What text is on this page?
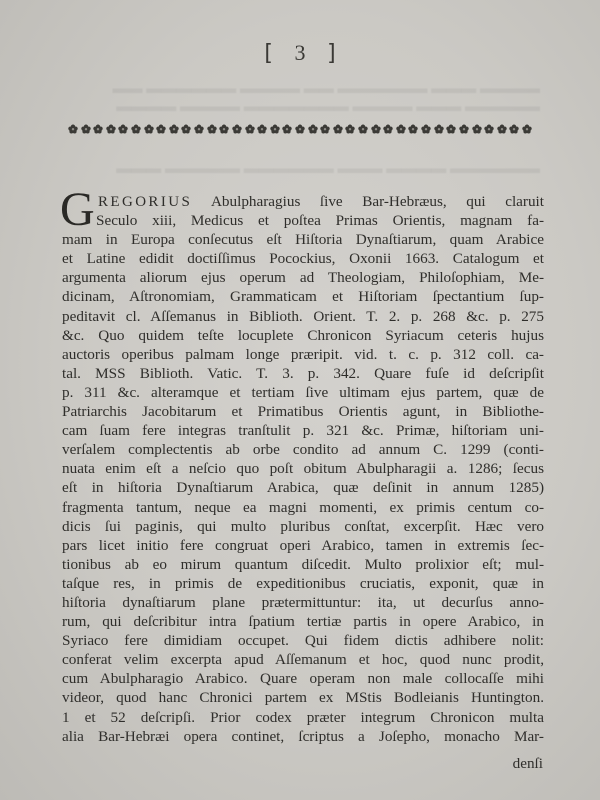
▬▬▬▬ ▬▬▬ ▬▬▬▬▬▬ ▬▬ ▬▬▬▬ ▬▬▬▬▬▬ ▬▬
▬▬▬▬▬ ▬▬▬ ▬▬▬▬ ▬▬▬▬▬▬▬ ▬▬▬▬ ▬▬▬▬
▬▬▬▬▬▬ ▬▬▬▬ ▬▬▬ ▬▬▬▬▬▬ ▬▬▬▬▬ ▬▬▬
[ 3 ]
G REGORIUS Abulpharagius ſive Bar-Hebræus, qui claruit
Seculo xiii, Medicus et poſtea Primas Orientis, magnam fa-
mam in Europa conſecutus eſt Hiſtoria Dynaſtiarum, quam Arabice
et Latine edidit doctiſſimus Pocockius, Oxonii 1663. Catalogum et
argumenta aliorum ejus operum ad Theologiam, Philoſophiam, Me-
dicinam, Aſtronomiam, Grammaticam et Hiſtoriam ſpectantium ſup-
peditavit cl. Aſſemanus in Biblioth. Orient. T. 2. p. 268 &c. p. 275
&c. Quo quidem teſte locuplete Chronicon Syriacum ceteris hujus
auctoris operibus palmam longe præripit. vid. t. c. p. 312 coll. ca-
tal. MSS Biblioth. Vatic. T. 3. p. 342. Quare fuſe id deſcripſit
p. 311 &c. alteramque et tertiam ſive ultimam ejus partem, quæ de
Patriarchis Jacobitarum et Primatibus Orientis agunt, in Bibliothe-
cam ſuam fere integras tranſtulit p. 321 &c. Primæ, hiſtoriam uni-
verſalem complectentis ab orbe condito ad annum C. 1299 (conti-
nuata enim eſt a neſcio quo poſt obitum Abulpharagii a. 1286; ſecus
eſt in hiſtoria Dynaſtiarum Arabica, quæ deſinit in annum 1285)
fragmenta tantum, neque ea magni momenti, ex primis centum co-
dicis ſui paginis, qui multo pluribus conſtat, excerpſit. Hæc vero
pars licet initio fere congruat operi Arabico, tamen in extremis ſec-
tionibus ab eo mirum quantum diſcedit. Multo prolixior eſt; mul-
taſque res, in primis de expeditionibus cruciatis, exponit, quæ in
hiſtoria dynaſtiarum plane prætermittuntur: ita, ut decurſus anno-
rum, qui deſcribitur intra ſpatium tertiæ partis in opere Arabico, in
Syriaco fere dimidiam occupet. Qui fidem dictis adhibere nolit:
conferat velim excerpta apud Aſſemanum et hoc, quod nunc prodit,
cum Abulpharagio Arabico. Quare operam non male collocaſſe mihi
videor, quod hanc Chronici partem ex MStis Bodleianis Huntington.
1 et 52 deſcripſi. Prior codex præter integrum Chronicon multa
alia Bar-Hebræi opera continet, ſcriptus a Joſepho, monacho Mar-
denſi
